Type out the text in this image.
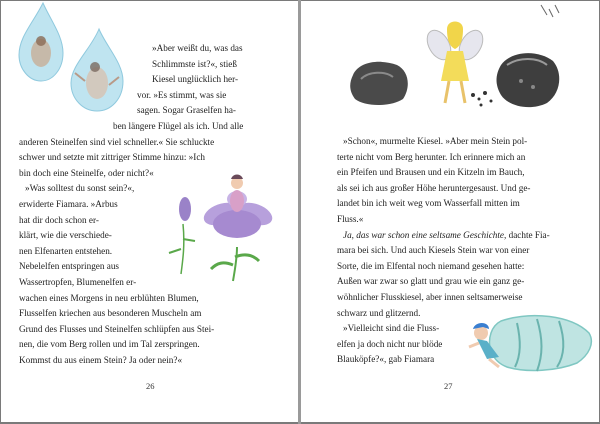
»Aber weißt du, was das
Schlimmste ist?«, stieß
Kiesel unglücklich her-
vor. »Es stimmt, was sie
sagen. Sogar Graselfen ha-
ben längere Flügel als ich. Und alle
anderen Steinelfen sind viel schneller.« Sie schluckte
schwer und setzte mit zittriger Stimme hinzu: »Ich
bin doch eine Steinelfe, oder nicht?«
»Was solltest du sonst sein?«,
erwiderte Fiamara. »Arbus
hat dir doch schon er-
klärt, wie die verschiede-
nen Elfenarten entstehen.
Nebelelfen entspringen aus
Wassertropfen, Blumenelfen er-
wachen eines Morgens in neu erblühten Blumen,
Flusselfen kriechen aus besonderen Muscheln am
Grund des Flusses und Steinelfen schlüpfen aus Stei-
nen, die vom Berg rollen und im Tal zerspringen.
Kommst du aus einem Stein? Ja oder nein?«
26
»Schon«, murmelte Kiesel. »Aber mein Stein pol-
terte nicht vom Berg herunter. Ich erinnere mich an
ein Pfeifen und Brausen und ein Kitzeln im Bauch,
als sei ich aus großer Höhe heruntergesaust. Und ge-
landet bin ich weit weg vom Wasserfall mitten im
Fluss.«
Ja, das war schon eine seltsame Geschichte, dachte Fia-
mara bei sich. Und auch Kiesels Stein war von einer
Sorte, die im Elfental noch niemand gesehen hatte:
Außen war zwar so glatt und grau wie ein ganz ge-
wöhnlicher Flusskiesel, aber innen seltsamerweise
schwarz und glitzernd.
»Vielleicht sind die Fluss-
elfen ja doch nicht nur blöde
Blauköpfe?«, gab Fiamara
27
